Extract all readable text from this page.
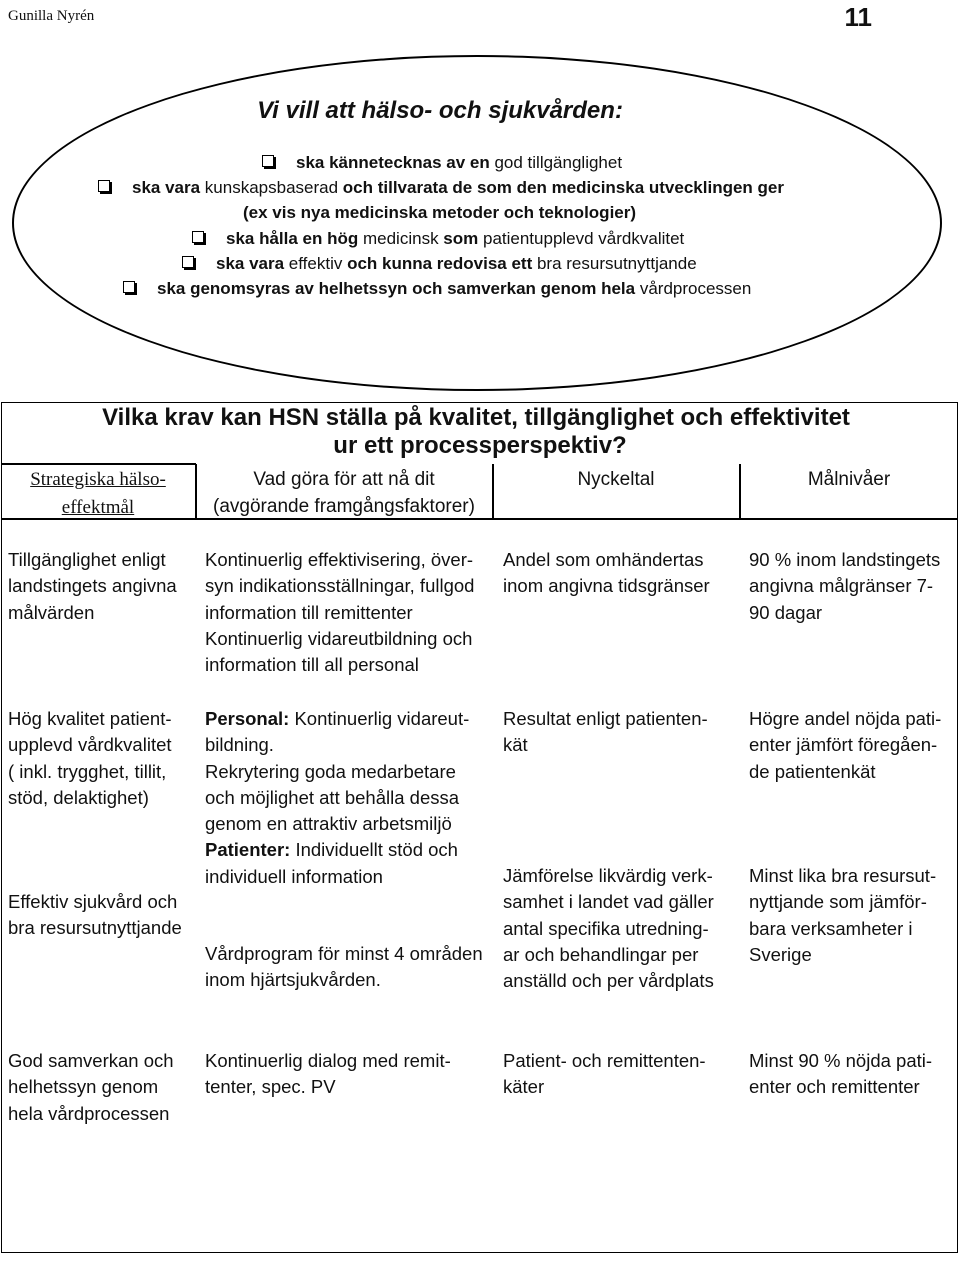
Gunilla Nyrén	11
Vi vill att hälso- och sjukvården:
ska kännetecknas av en god tillgänglighet
ska vara kunskapsbaserad och tillvarata de som den medicinska utvecklingen ger
(ex vis nya medicinska metoder och teknologier)
ska hålla en hög medicinsk som patientupplevd vårdkvalitet
ska vara effektiv och kunna redovisa ett bra resursutnyttjande
ska genomsyras av helhetssyn och samverkan genom hela vårdprocessen
Vilka krav kan HSN ställa på kvalitet, tillgänglighet och effektivitet
ur ett processperspektiv?
Strategiska hälso-
effektmål
Vad göra för att nå dit
(avgörande framgångsfaktorer)
Nyckeltal	Målnivåer
Tillgänglighet enligt
landstingets angivna
målvärden
Kontinuerlig effektivisering, över-
syn indikationsställningar, fullgod
information till remittenter
Kontinuerlig vidareutbildning och
information till all personal
Andel som omhändertas
inom angivna tidsgränser
90 % inom landstingets
angivna målgränser 7-
90 dagar
Hög kvalitet patient-
upplevd vårdkvalitet
( inkl. trygghet, tillit,
stöd, delaktighet)
Effektiv sjukvård och
bra resursutnyttjande
Personal: Kontinuerlig vidareut-
bildning.
Rekrytering goda medarbetare
och möjlighet att behålla dessa
genom en attraktiv arbetsmiljö
Patienter: Individuellt stöd och
individuell information
Vårdprogram för minst 4 områden
inom hjärtsjukvården.
Resultat enligt patienten-
kät
Jämförelse likvärdig verk-
samhet i landet vad gäller
antal specifika utredning-
ar och behandlingar per
anställd och per vårdplats
Högre andel nöjda pati-
enter jämfört föregåen-
de patientenkät
Minst lika bra resursut-
nyttjande som jämför-
bara verksamheter i
Sverige
God samverkan och
helhetssyn genom
hela vårdprocessen
Kontinuerlig dialog med remit-
tenter, spec. PV
Patient- och remittenten-
käter
Minst 90 % nöjda pati-
enter och remittenter
